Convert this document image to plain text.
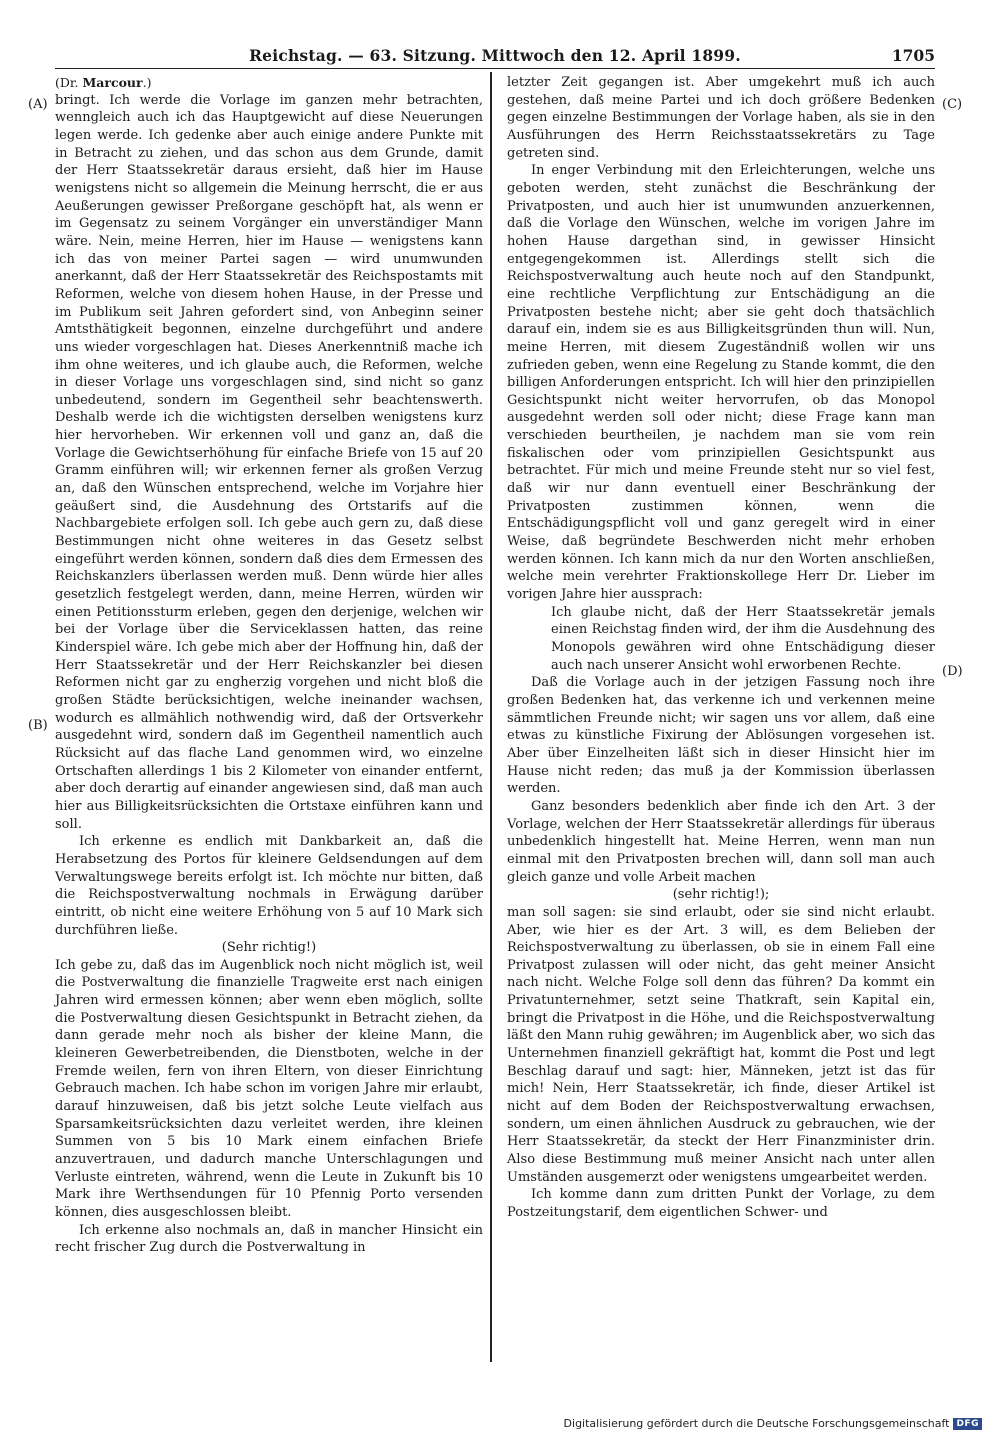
Reichstag. — 63. Sitzung. Mittwoch den 12. April 1899.	1705
(A)
(B)
(C)
(D)

(Dr. Marcour.)

bringt. Ich werde die Vorlage im ganzen mehr betrachten, wenngleich auch ich das Hauptgewicht auf diese Neuerungen legen werde. Ich gedenke aber auch einige andere Punkte mit in Betracht zu ziehen, und das schon aus dem Grunde, damit der Herr Staatssekretär daraus ersieht, daß hier im Hause wenigstens nicht so allgemein die Meinung herrscht, die er aus Aeußerungen gewisser Preßorgane geschöpft hat, als wenn er im Gegensatz zu seinem Vorgänger ein unverständiger Mann wäre. Nein, meine Herren, hier im Hause — wenigstens kann ich das von meiner Partei sagen — wird unumwunden anerkannt, daß der Herr Staatssekretär des Reichspostamts mit Reformen, welche von diesem hohen Hause, in der Presse und im Publikum seit Jahren gefordert sind, von Anbeginn seiner Amtsthätigkeit begonnen, einzelne durchgeführt und andere uns wieder vorgeschlagen hat. Dieses Anerkenntniß mache ich ihm ohne weiteres, und ich glaube auch, die Reformen, welche in dieser Vorlage uns vorgeschlagen sind, sind nicht so ganz unbedeutend, sondern im Gegentheil sehr beachtenswerth. Deshalb werde ich die wichtigsten derselben wenigstens kurz hier hervorheben. Wir erkennen voll und ganz an, daß die Vorlage die Gewichtserhöhung für einfache Briefe von 15 auf 20 Gramm einführen will; wir erkennen ferner als großen Verzug an, daß den Wünschen entsprechend, welche im Vorjahre hier geäußert sind, die Ausdehnung des Ortstarifs auf die Nachbargebiete erfolgen soll. Ich gebe auch gern zu, daß diese Bestimmungen nicht ohne weiteres in das Gesetz selbst eingeführt werden können, sondern daß dies dem Ermessen des Reichskanzlers überlassen werden muß. Denn würde hier alles gesetzlich festgelegt werden, dann, meine Herren, würden wir einen Petitionssturm erleben, gegen den derjenige, welchen wir bei der Vorlage über die Serviceklassen hatten, das reine Kinderspiel wäre. Ich gebe mich aber der Hoffnung hin, daß der Herr Staatssekretär und der Herr Reichskanzler bei diesen Reformen nicht gar zu engherzig vorgehen und nicht bloß die großen Städte berücksichtigen, welche ineinander wachsen, wodurch es allmählich nothwendig wird, daß der Ortsverkehr ausgedehnt wird, sondern daß im Gegentheil namentlich auch Rücksicht auf das flache Land genommen wird, wo einzelne Ortschaften allerdings 1 bis 2 Kilometer von einander entfernt, aber doch derartig auf einander angewiesen sind, daß man auch hier aus Billigkeitsrücksichten die Ortstaxe einführen kann und soll.

Ich erkenne es endlich mit Dankbarkeit an, daß die Herabsetzung des Portos für kleinere Geldsendungen auf dem Verwaltungswege bereits erfolgt ist. Ich möchte nur bitten, daß die Reichspostverwaltung nochmals in Erwägung darüber eintritt, ob nicht eine weitere Erhöhung von 5 auf 10 Mark sich durchführen ließe.

(Sehr richtig!)

Ich gebe zu, daß das im Augenblick noch nicht möglich ist, weil die Postverwaltung die finanzielle Tragweite erst nach einigen Jahren wird ermessen können; aber wenn eben möglich, sollte die Postverwaltung diesen Gesichtspunkt in Betracht ziehen, da dann gerade mehr noch als bisher der kleine Mann, die kleineren Gewerbetreibenden, die Dienstboten, welche in der Fremde weilen, fern von ihren Eltern, von dieser Einrichtung Gebrauch machen. Ich habe schon im vorigen Jahre mir erlaubt, darauf hinzuweisen, daß bis jetzt solche Leute vielfach aus Sparsamkeitsrücksichten dazu verleitet werden, ihre kleinen Summen von 5 bis 10 Mark einem einfachen Briefe anzuvertrauen, und dadurch manche Unterschlagungen und Verluste eintreten, während, wenn die Leute in Zukunft bis 10 Mark ihre Werthsendungen für 10 Pfennig Porto versenden können, dies ausgeschlossen bleibt.

Ich erkenne also nochmals an, daß in mancher Hinsicht ein recht frischer Zug durch die Postverwaltung in

letzter Zeit gegangen ist. Aber umgekehrt muß ich auch gestehen, daß meine Partei und ich doch größere Bedenken gegen einzelne Bestimmungen der Vorlage haben, als sie in den Ausführungen des Herrn Reichsstaatssekretärs zu Tage getreten sind.

In enger Verbindung mit den Erleichterungen, welche uns geboten werden, steht zunächst die Beschränkung der Privatposten, und auch hier ist unumwunden anzuerkennen, daß die Vorlage den Wünschen, welche im vorigen Jahre im hohen Hause dargethan sind, in gewisser Hinsicht entgegengekommen ist. Allerdings stellt sich die Reichspostverwaltung auch heute noch auf den Standpunkt, eine rechtliche Verpflichtung zur Entschädigung an die Privatposten bestehe nicht; aber sie geht doch thatsächlich darauf ein, indem sie es aus Billigkeitsgründen thun will. Nun, meine Herren, mit diesem Zugeständniß wollen wir uns zufrieden geben, wenn eine Regelung zu Stande kommt, die den billigen Anforderungen entspricht. Ich will hier den prinzipiellen Gesichtspunkt nicht weiter hervorrufen, ob das Monopol ausgedehnt werden soll oder nicht; diese Frage kann man verschieden beurtheilen, je nachdem man sie vom rein fiskalischen oder vom prinzipiellen Gesichtspunkt aus betrachtet. Für mich und meine Freunde steht nur so viel fest, daß wir nur dann eventuell einer Beschränkung der Privatposten zustimmen können, wenn die Entschädigungspflicht voll und ganz geregelt wird in einer Weise, daß begründete Beschwerden nicht mehr erhoben werden können. Ich kann mich da nur den Worten anschließen, welche mein verehrter Fraktionskollege Herr Dr. Lieber im vorigen Jahre hier aussprach:

Ich glaube nicht, daß der Herr Staatssekretär jemals einen Reichstag finden wird, der ihm die Ausdehnung des Monopols gewähren wird ohne Entschädigung dieser auch nach unserer Ansicht wohl erworbenen Rechte.

Daß die Vorlage auch in der jetzigen Fassung noch ihre großen Bedenken hat, das verkenne ich und verkennen meine sämmtlichen Freunde nicht; wir sagen uns vor allem, daß eine etwas zu künstliche Fixirung der Ablösungen vorgesehen ist. Aber über Einzelheiten läßt sich in dieser Hinsicht hier im Hause nicht reden; das muß ja der Kommission überlassen werden.

Ganz besonders bedenklich aber finde ich den Art. 3 der Vorlage, welchen der Herr Staatssekretär allerdings für überaus unbedenklich hingestellt hat. Meine Herren, wenn man nun einmal mit den Privatposten brechen will, dann soll man auch gleich ganze und volle Arbeit machen

(sehr richtig!);

man soll sagen: sie sind erlaubt, oder sie sind nicht erlaubt. Aber, wie hier es der Art. 3 will, es dem Belieben der Reichspostverwaltung zu überlassen, ob sie in einem Fall eine Privatpost zulassen will oder nicht, das geht meiner Ansicht nach nicht. Welche Folge soll denn das führen? Da kommt ein Privatunternehmer, setzt seine Thatkraft, sein Kapital ein, bringt die Privatpost in die Höhe, und die Reichspostverwaltung läßt den Mann ruhig gewähren; im Augenblick aber, wo sich das Unternehmen finanziell gekräftigt hat, kommt die Post und legt Beschlag darauf und sagt: hier, Männeken, jetzt ist das für mich! Nein, Herr Staatssekretär, ich finde, dieser Artikel ist nicht auf dem Boden der Reichspostverwaltung erwachsen, sondern, um einen ähnlichen Ausdruck zu gebrauchen, wie der Herr Staatssekretär, da steckt der Herr Finanzminister drin. Also diese Bestimmung muß meiner Ansicht nach unter allen Umständen ausgemerzt oder wenigstens umgearbeitet werden.

Ich komme dann zum dritten Punkt der Vorlage, zu dem Postzeitungstarif, dem eigentlichen Schwer- und

Digitalisierung gefördert durch die Deutsche Forschungsgemeinschaft DFG
